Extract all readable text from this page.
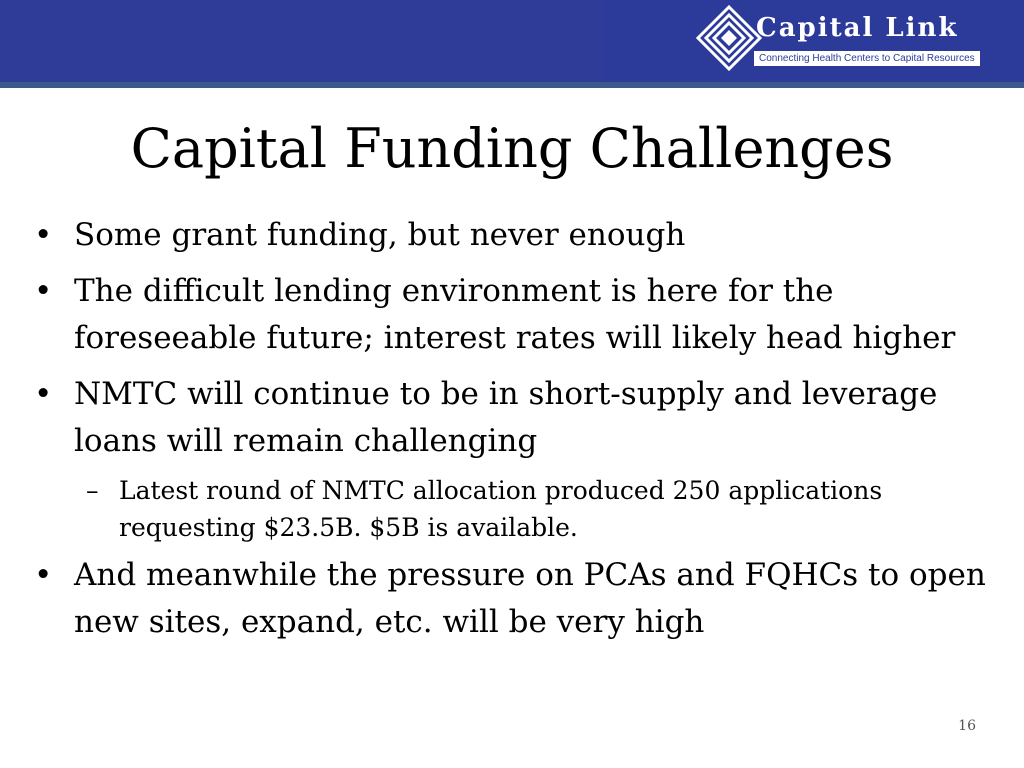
Capital Link
Connecting Health Centers to Capital Resources
Capital Funding Challenges
• Some grant funding, but never enough
• The difficult lending environment is here for the foreseeable future; interest rates will likely head higher
• NMTC will continue to be in short-supply and leverage loans will remain challenging
– Latest round of NMTC allocation produced 250 applications requesting $23.5B. $5B is available.
• And meanwhile the pressure on PCAs and FQHCs to open new sites, expand, etc. will be very high
16
